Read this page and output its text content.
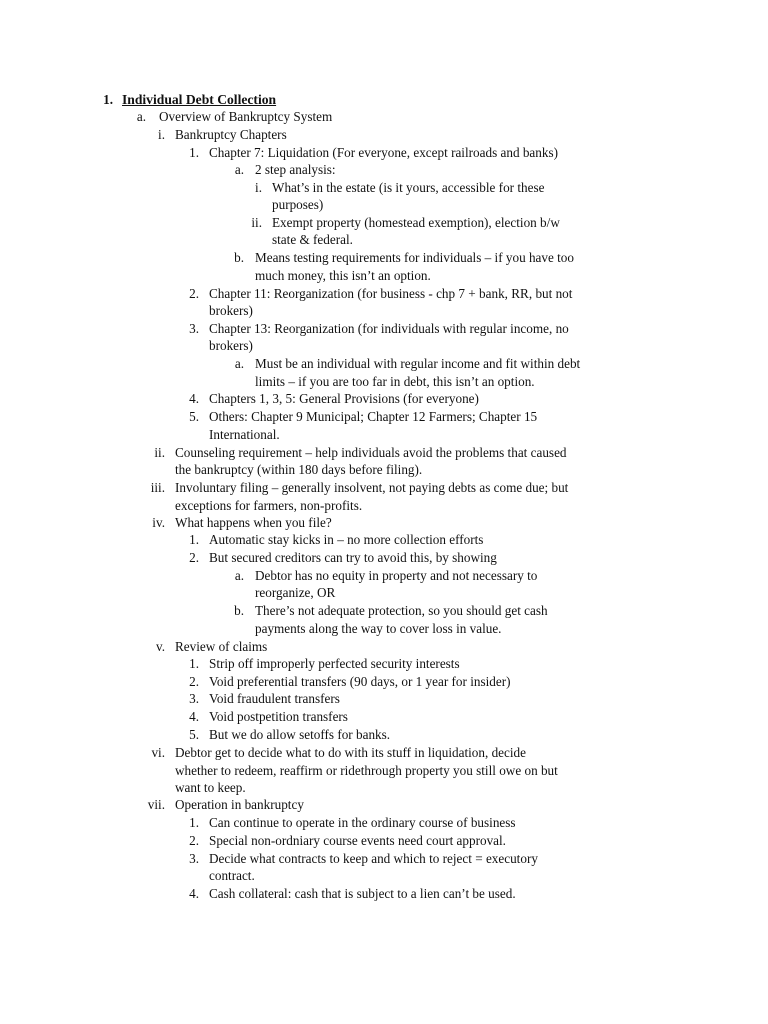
1. Individual Debt Collection
a. Overview of Bankruptcy System
i. Bankruptcy Chapters
1. Chapter 7: Liquidation (For everyone, except railroads and banks)
a. 2 step analysis:
i. What’s in the estate (is it yours, accessible for these
purposes)
ii. Exempt property (homestead exemption), election b/w
state & federal.
b. Means testing requirements for individuals – if you have too
much money, this isn’t an option.
2. Chapter 11: Reorganization (for business - chp 7 + bank, RR, but not
brokers)
3. Chapter 13: Reorganization (for individuals with regular income, no
brokers)
a. Must be an individual with regular income and fit within debt
limits – if you are too far in debt, this isn’t an option.
4. Chapters 1, 3, 5: General Provisions (for everyone)
5. Others: Chapter 9 Municipal; Chapter 12 Farmers; Chapter 15
International.
ii. Counseling requirement – help individuals avoid the problems that caused
the bankruptcy (within 180 days before filing).
iii. Involuntary filing – generally insolvent, not paying debts as come due; but
exceptions for farmers, non-profits.
iv. What happens when you file?
1. Automatic stay kicks in – no more collection efforts
2. But secured creditors can try to avoid this, by showing
a. Debtor has no equity in property and not necessary to
reorganize, OR
b. There’s not adequate protection, so you should get cash
payments along the way to cover loss in value.
v. Review of claims
1. Strip off improperly perfected security interests
2. Void preferential transfers (90 days, or 1 year for insider)
3. Void fraudulent transfers
4. Void postpetition transfers
5. But we do allow setoffs for banks.
vi. Debtor get to decide what to do with its stuff in liquidation, decide
whether to redeem, reaffirm or ridethrough property you still owe on but
want to keep.
vii. Operation in bankruptcy
1. Can continue to operate in the ordinary course of business
2. Special non-ordniary course events need court approval.
3. Decide what contracts to keep and which to reject = executory
contract.
4. Cash collateral: cash that is subject to a lien can’t be used.
